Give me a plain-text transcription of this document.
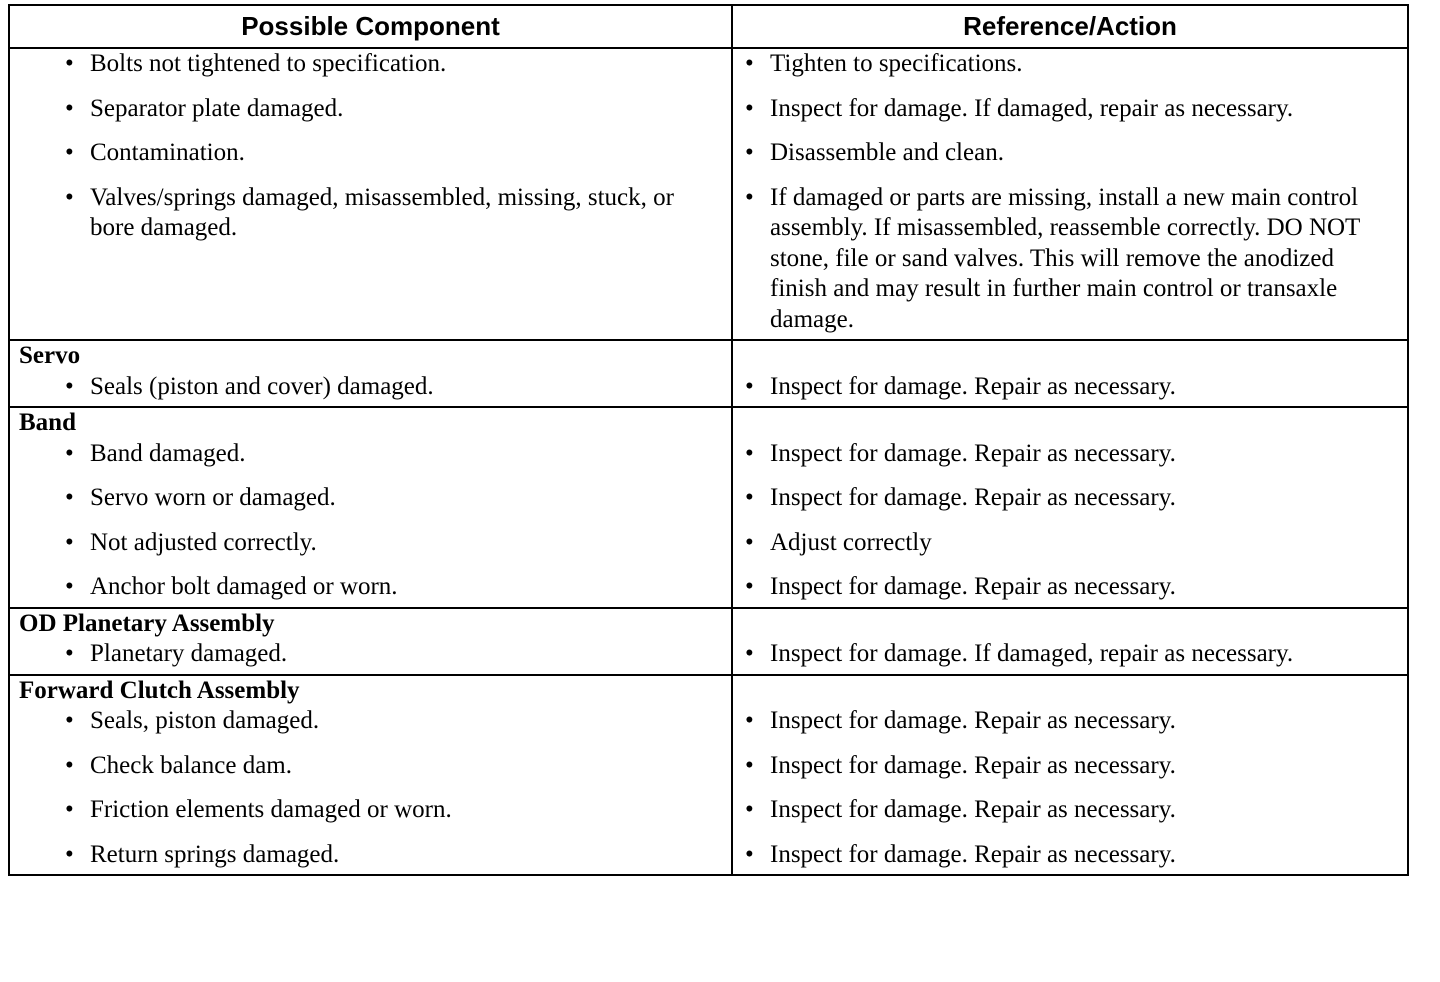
Possible Component	Reference/Action

• Bolts not tightened to specification.	• Tighten to specifications.

• Separator plate damaged.	• Inspect for damage. If damaged, repair as necessary.

• Contamination.	• Disassemble and clean.

• Valves/springs damaged, misassembled, missing, stuck, or bore damaged.	• If damaged or parts are missing, install a new main control assembly. If misassembled, reassemble correctly. DO NOT stone, file or sand valves. This will remove the anodized finish and may result in further main control or transaxle damage.

Servo	

• Seals (piston and cover) damaged.	• Inspect for damage. Repair as necessary.

Band	

• Band damaged.	• Inspect for damage. Repair as necessary.

• Servo worn or damaged.	• Inspect for damage. Repair as necessary.

• Not adjusted correctly.	• Adjust correctly

• Anchor bolt damaged or worn.	• Inspect for damage. Repair as necessary.

OD Planetary Assembly	

• Planetary damaged.	• Inspect for damage. If damaged, repair as necessary.

Forward Clutch Assembly	

• Seals, piston damaged.	• Inspect for damage. Repair as necessary.

• Check balance dam.	• Inspect for damage. Repair as necessary.

• Friction elements damaged or worn.	• Inspect for damage. Repair as necessary.

• Return springs damaged.	• Inspect for damage. Repair as necessary.
